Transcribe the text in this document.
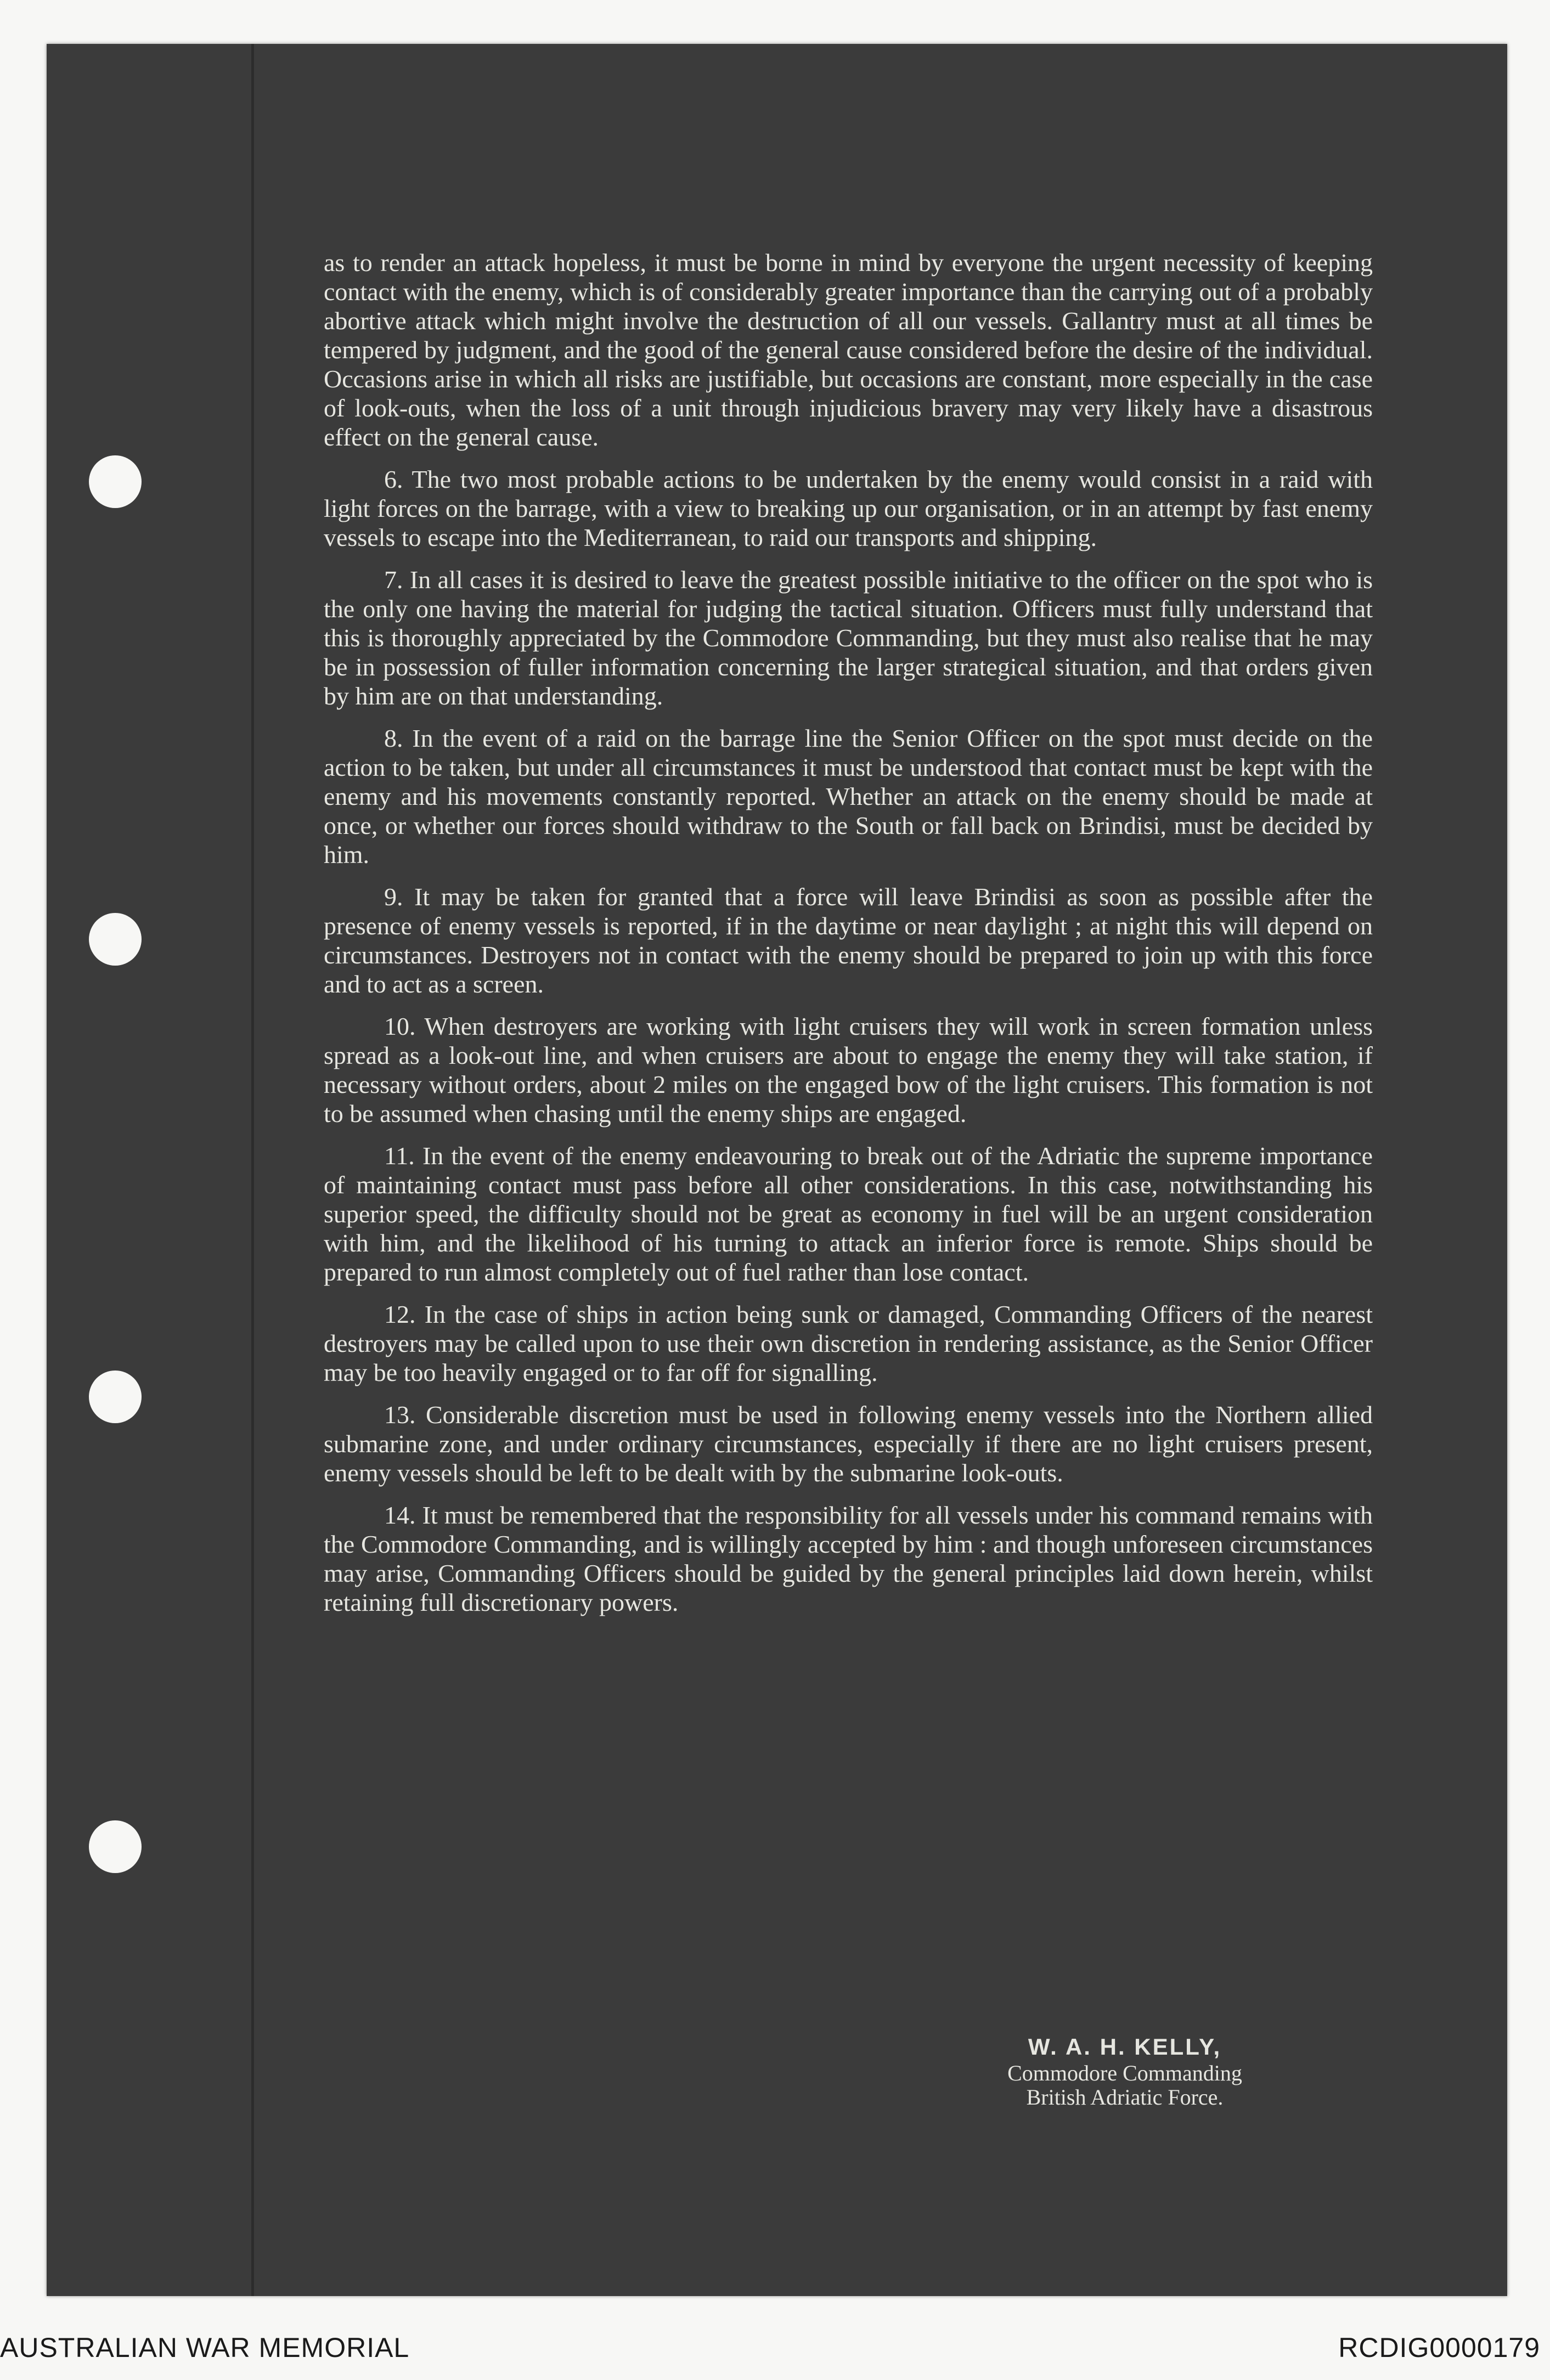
as to render an attack hopeless, it must be borne in mind by everyone the urgent necessity of keeping contact with the enemy, which is of considerably greater importance than the carrying out of a probably abortive attack which might involve the destruction of all our vessels. Gallantry must at all times be tempered by judgment, and the good of the general cause considered before the desire of the individual. Occasions arise in which all risks are justifiable, but occasions are constant, more especially in the case of look-outs, when the loss of a unit through injudicious bravery may very likely have a disastrous effect on the general cause.

6. The two most probable actions to be undertaken by the enemy would consist in a raid with light forces on the barrage, with a view to breaking up our organisation, or in an attempt by fast enemy vessels to escape into the Mediterranean, to raid our transports and shipping.

7. In all cases it is desired to leave the greatest possible initiative to the officer on the spot who is the only one having the material for judging the tactical situation. Officers must fully understand that this is thoroughly appreciated by the Commodore Commanding, but they must also realise that he may be in possession of fuller information concerning the larger strategical situation, and that orders given by him are on that understanding.

8. In the event of a raid on the barrage line the Senior Officer on the spot must decide on the action to be taken, but under all circumstances it must be understood that contact must be kept with the enemy and his movements constantly reported. Whether an attack on the enemy should be made at once, or whether our forces should withdraw to the South or fall back on Brindisi, must be decided by him.

9. It may be taken for granted that a force will leave Brindisi as soon as possible after the presence of enemy vessels is reported, if in the daytime or near daylight ; at night this will depend on circumstances. Destroyers not in contact with the enemy should be prepared to join up with this force and to act as a screen.

10. When destroyers are working with light cruisers they will work in screen formation unless spread as a look-out line, and when cruisers are about to engage the enemy they will take station, if necessary without orders, about 2 miles on the engaged bow of the light cruisers. This formation is not to be assumed when chasing until the enemy ships are engaged.

11. In the event of the enemy endeavouring to break out of the Adriatic the supreme importance of maintaining contact must pass before all other considerations. In this case, notwithstanding his superior speed, the difficulty should not be great as economy in fuel will be an urgent consideration with him, and the likelihood of his turning to attack an inferior force is remote. Ships should be prepared to run almost completely out of fuel rather than lose contact.

12. In the case of ships in action being sunk or damaged, Commanding Officers of the nearest destroyers may be called upon to use their own discretion in rendering assistance, as the Senior Officer may be too heavily engaged or to far off for signalling.

13. Considerable discretion must be used in following enemy vessels into the Northern allied submarine zone, and under ordinary circumstances, especially if there are no light cruisers present, enemy vessels should be left to be dealt with by the submarine look-outs.

14. It must be remembered that the responsibility for all vessels under his command remains with the Commodore Commanding, and is willingly accepted by him : and though unforeseen circumstances may arise, Commanding Officers should be guided by the general principles laid down herein, whilst retaining full discretionary powers.

W. A. H. KELLY,
Commodore Commanding
British Adriatic Force.
AUSTRALIAN WAR MEMORIAL	RCDIG0000179
